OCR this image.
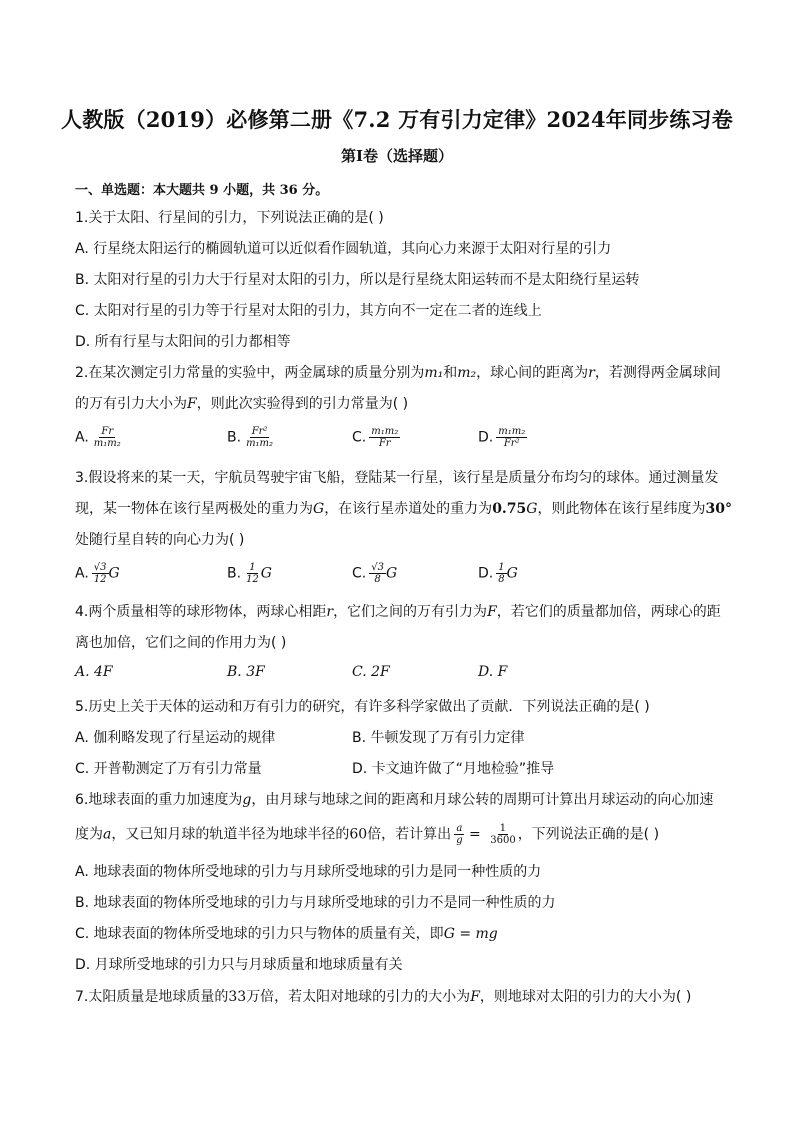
人教版（2019）必修第二册《7.2 万有引力定律》2024年同步练习卷
第Ⅰ卷（选择题）
一、单选题：本大题共 9 小题，共 36 分。
1.关于太阳、行星间的引力，下列说法正确的是( )
A. 行星绕太阳运行的椭圆轨道可以近似看作圆轨道，其向心力来源于太阳对行星的引力
B. 太阳对行星的引力大于行星对太阳的引力，所以是行星绕太阳运转而不是太阳绕行星运转
C. 太阳对行星的引力等于行星对太阳的引力，其方向不一定在二者的连线上
D. 所有行星与太阳间的引力都相等
2.在某次测定引力常量的实验中，两金属球的质量分别为m₁和m₂，球心间的距离为r，若测得两金属球间
的万有引力大小为F，则此次实验得到的引力常量为( )
A. $\frac{Fr}{\text{m₁m₂}}$	B. $\frac{\text{Fr²}}{\text{m₁m₂}}$	C. $\frac{\text{m₁m₂}}{Fr}$	D. $\frac{\text{m₁m₂}}{\text{Fr²}}$
3.假设将来的某一天，宇航员驾驶宇宙飞船，登陆某一行星，该行星是质量分布均匀的球体。通过测量发
现，某一物体在该行星两极处的重力为G，在该行星赤道处的重力为0.75G，则此物体在该行星纬度为30°
处随行星自转的向心力为( )
A. $\frac{√3}{12}$ G	B. $\frac{1}{12}$ G	C. $\frac{√3}{8}$ G	D. $\frac{1}{8}$ G
4.两个质量相等的球形物体，两球心相距r，它们之间的万有引力为F，若它们的质量都加倍，两球心的距
离也加倍，它们之间的作用力为( )
A. 4F	B. 3F	C. 2F	D. F
5.历史上关于天体的运动和万有引力的研究，有许多科学家做出了贡献．下列说法正确的是( )
A. 伽利略发现了行星运动的规律	B. 牛顿发现了万有引力定律
C. 开普勒测定了万有引力常量	D. 卡文迪许做了“月地检验”推导
6.地球表面的重力加速度为g，由月球与地球之间的距离和月球公转的周期可计算出月球运动的向心加速
度为a，又已知月球的轨道半径为地球半径的60倍，若计算出 $\frac{a}{g} = \frac{1}{3600}$ ，下列说法正确的是( )
A. 地球表面的物体所受地球的引力与月球所受地球的引力是同一种性质的力
B. 地球表面的物体所受地球的引力与月球所受地球的引力不是同一种性质的力
C. 地球表面的物体所受地球的引力只与物体的质量有关，即G = mg
D. 月球所受地球的引力只与月球质量和地球质量有关
7.太阳质量是地球质量的33万倍，若太阳对地球的引力的大小为F，则地球对太阳的引力的大小为( )
